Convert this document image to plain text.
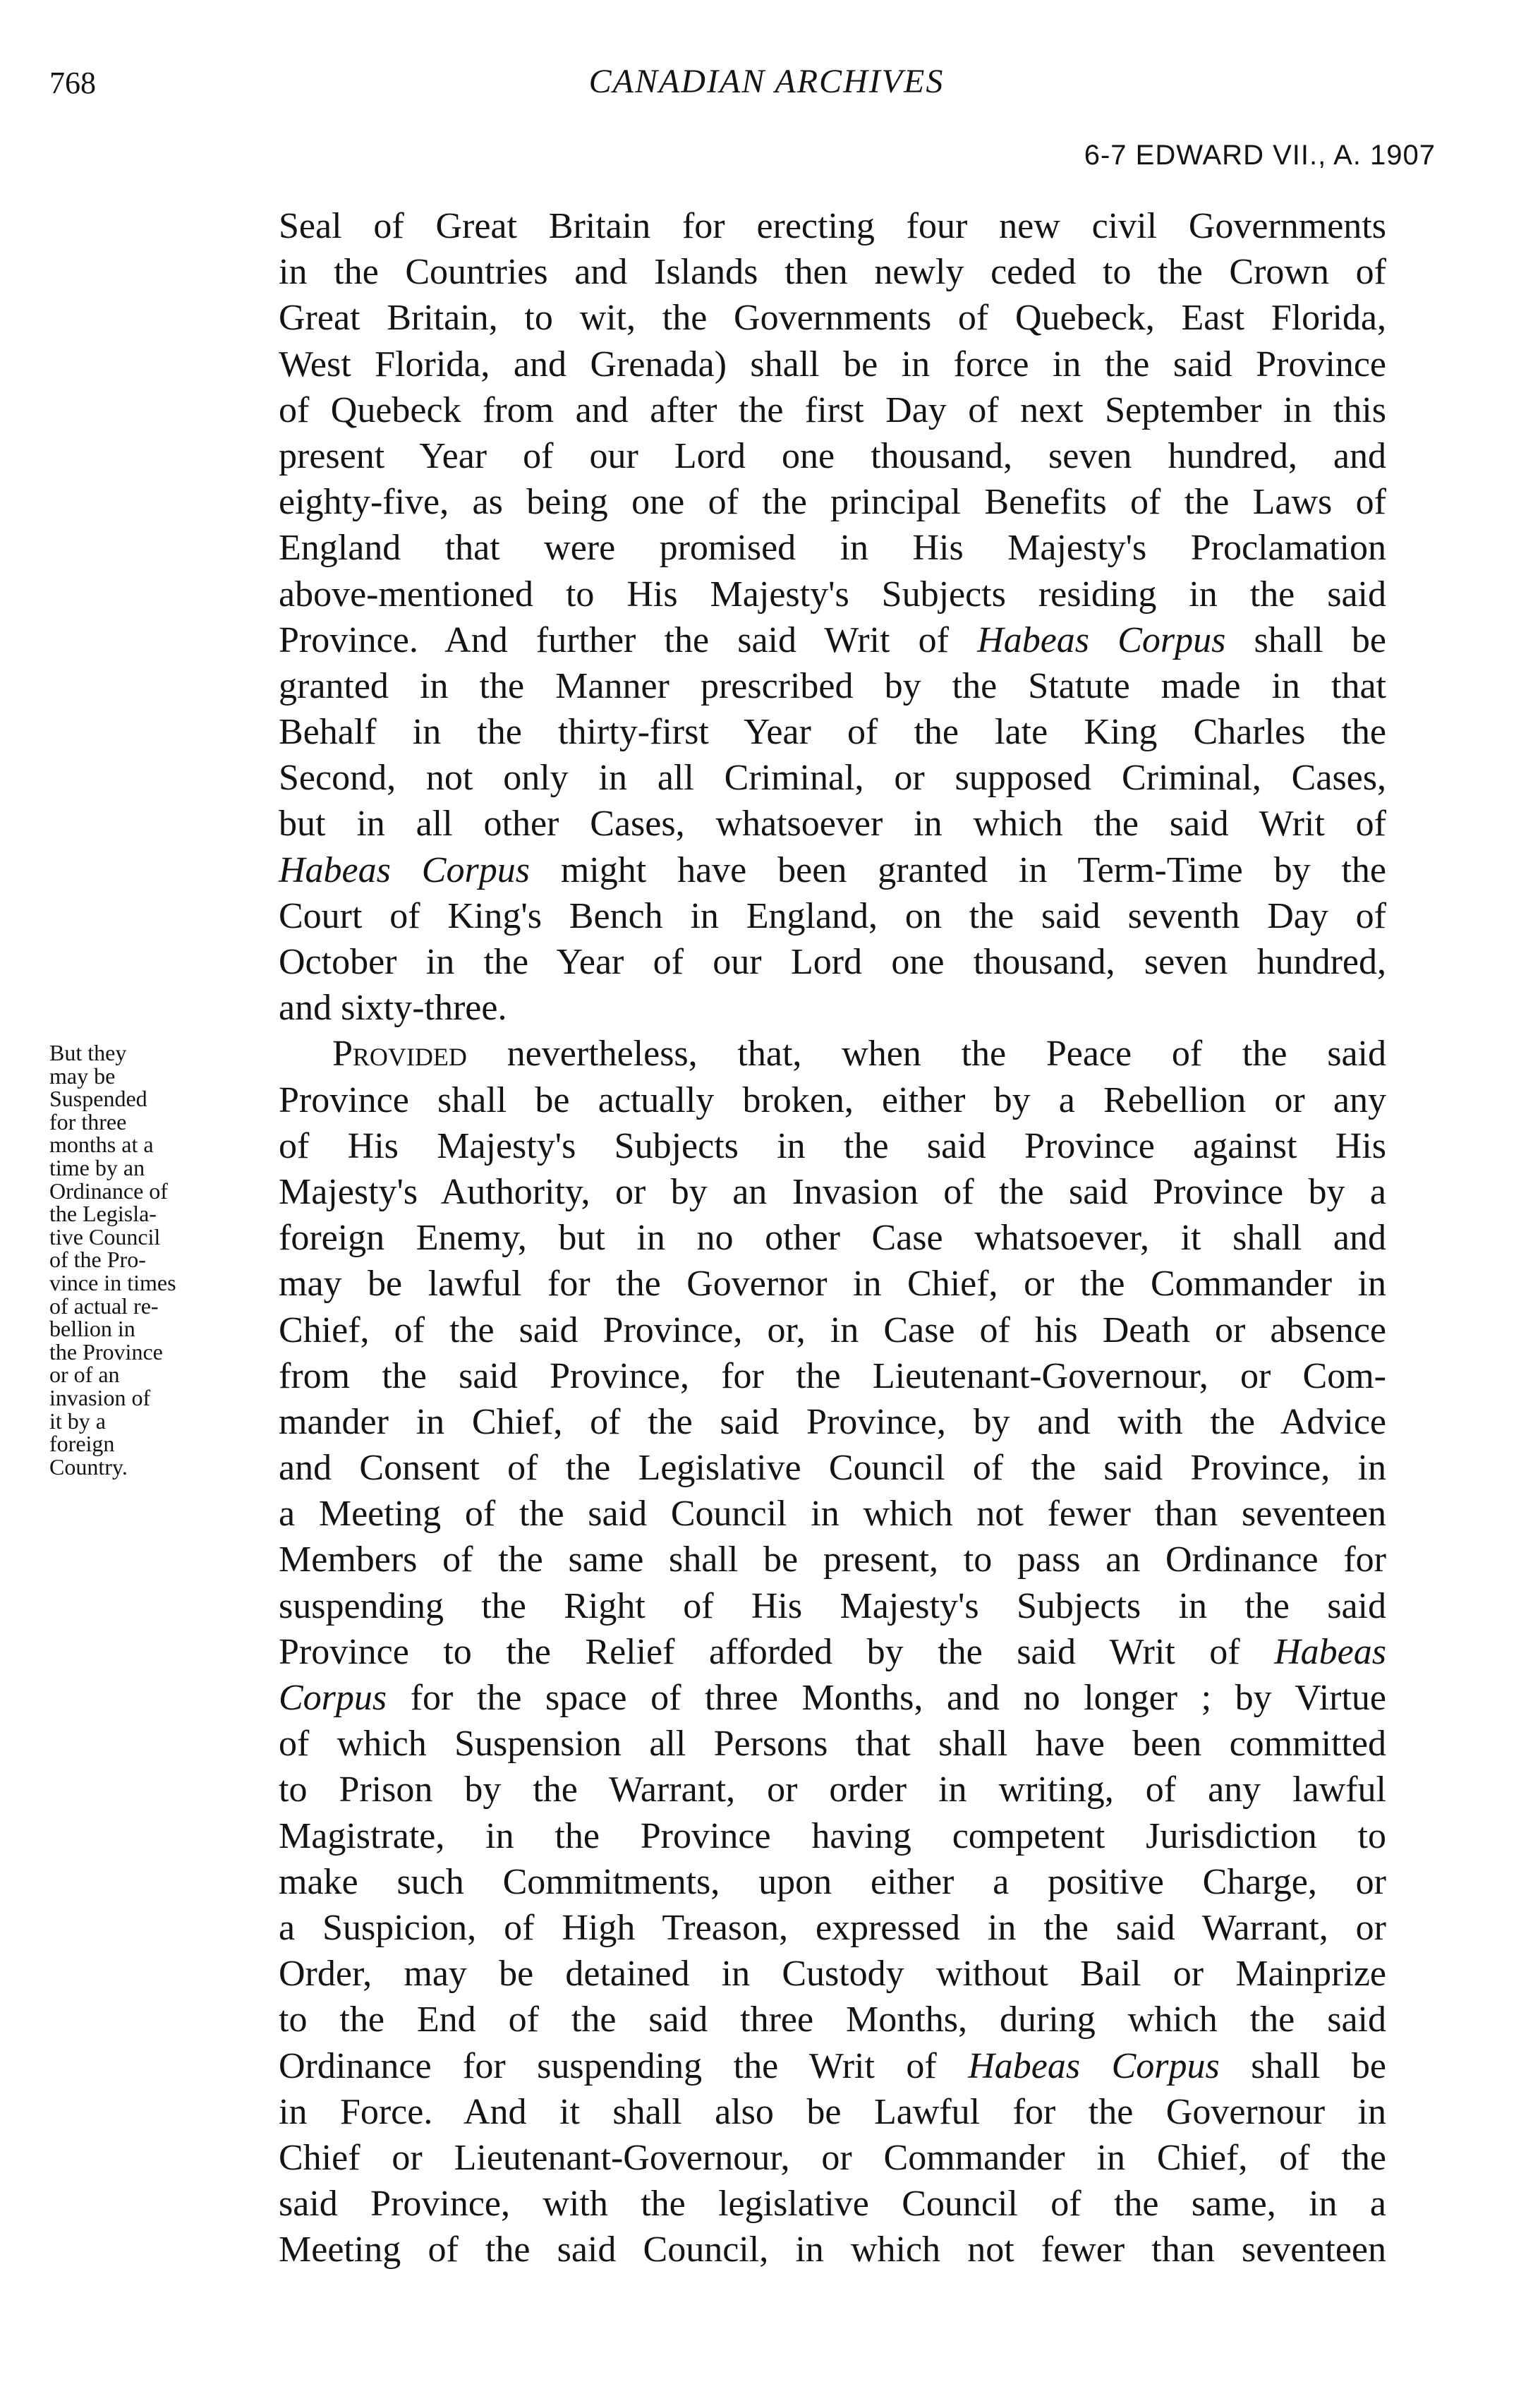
768	CANADIAN ARCHIVES
6-7 EDWARD VII., A. 1907
But they
may be
Suspended
for three
months at a
time by an
Ordinance of
the Legisla-
tive Council
of the Pro-
vince in times
of actual re-
bellion in
the Province
or of an
invasion of
it by a
foreign
Country.
Seal of Great Britain for erecting four new civil Governments
in the Countries and Islands then newly ceded to the Crown of
Great Britain, to wit, the Governments of Quebeck, East Florida,
West Florida, and Grenada) shall be in force in the said Province
of Quebeck from and after the first Day of next September in this
present Year of our Lord one thousand, seven hundred, and
eighty-five, as being one of the principal Benefits of the Laws of
England that were promised in His Majesty's Proclamation
above-mentioned to His Majesty's Subjects residing in the said
Province. And further the said Writ of Habeas Corpus shall be
granted in the Manner prescribed by the Statute made in that
Behalf in the thirty-first Year of the late King Charles the
Second, not only in all Criminal, or supposed Criminal, Cases,
but in all other Cases, whatsoever in which the said Writ of
Habeas Corpus might have been granted in Term-Time by the
Court of King's Bench in England, on the said seventh Day of
October in the Year of our Lord one thousand, seven hundred,
and sixty-three.
Provided nevertheless, that, when the Peace of the said
Province shall be actually broken, either by a Rebellion or any
of His Majesty's Subjects in the said Province against His
Majesty's Authority, or by an Invasion of the said Province by a
foreign Enemy, but in no other Case whatsoever, it shall and
may be lawful for the Governor in Chief, or the Commander in
Chief, of the said Province, or, in Case of his Death or absence
from the said Province, for the Lieutenant-Governour, or Com-
mander in Chief, of the said Province, by and with the Advice
and Consent of the Legislative Council of the said Province, in
a Meeting of the said Council in which not fewer than seventeen
Members of the same shall be present, to pass an Ordinance for
suspending the Right of His Majesty's Subjects in the said
Province to the Relief afforded by the said Writ of Habeas
Corpus for the space of three Months, and no longer ; by Virtue
of which Suspension all Persons that shall have been committed
to Prison by the Warrant, or order in writing, of any lawful
Magistrate, in the Province having competent Jurisdiction to
make such Commitments, upon either a positive Charge, or
a Suspicion, of High Treason, expressed in the said Warrant, or
Order, may be detained in Custody without Bail or Mainprize
to the End of the said three Months, during which the said
Ordinance for suspending the Writ of Habeas Corpus shall be
in Force. And it shall also be Lawful for the Governour in
Chief or Lieutenant-Governour, or Commander in Chief, of the
said Province, with the legislative Council of the same, in a
Meeting of the said Council, in which not fewer than seventeen
